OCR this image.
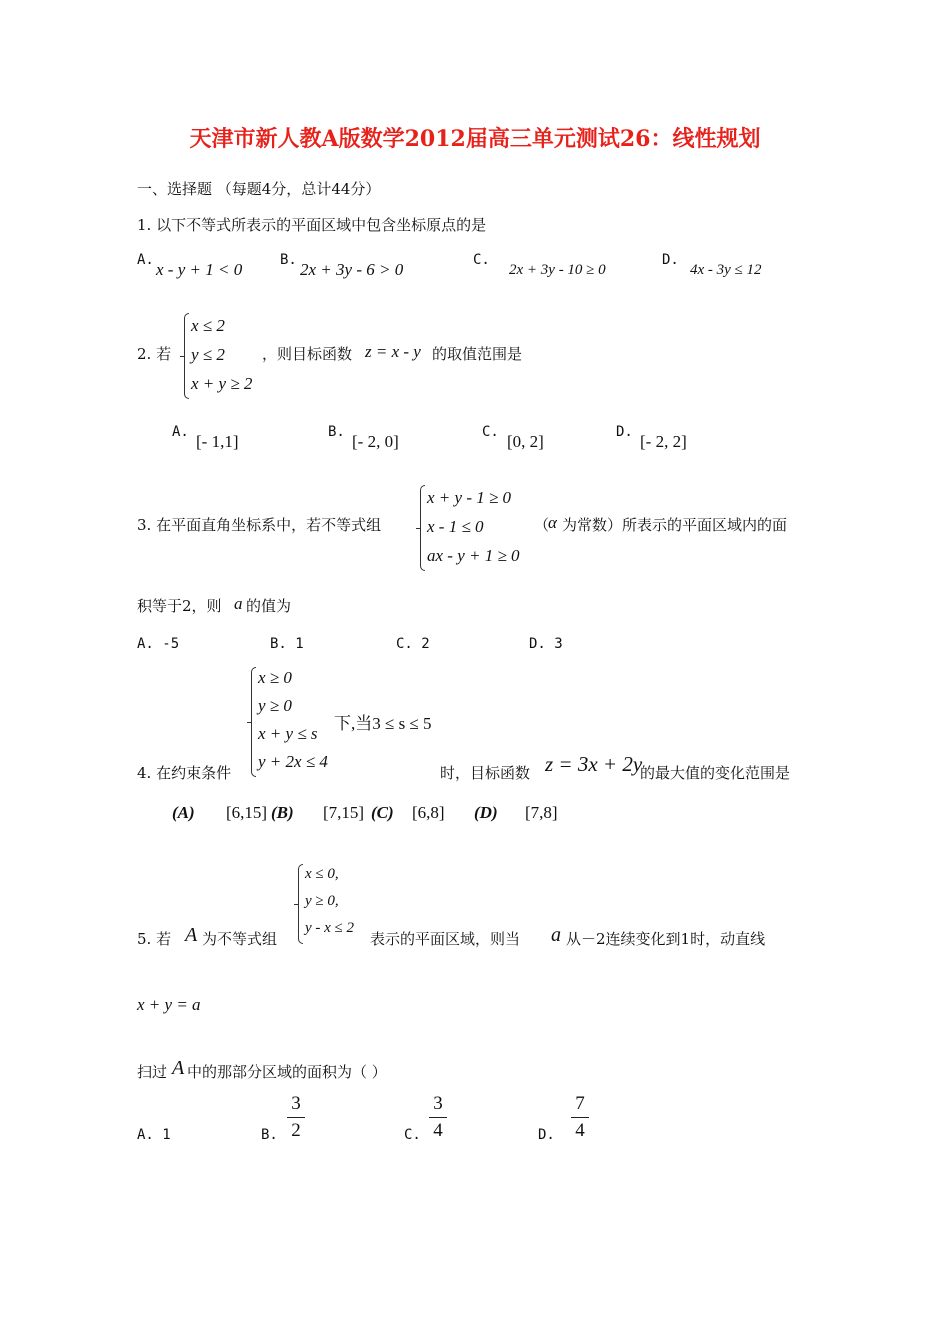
天津市新人教A版数学2012届高三单元测试26：线性规划
一、选择题 （每题4分，总计44分）
1. 以下不等式所表示的平面区域中包含坐标原点的是
A. x - y + 1 < 0	B. 2x + 3y - 6 > 0	C.
2x + 3y - 10 ≥ 0
D.
4x - 3y ≤ 12
2. 若
x ≤ 2
y ≤ 2
x + y ≥ 2
，则目标函数 z = x - y 的取值范围是
A. [- 1,1]	B. [- 2, 0]	C. [0, 2]	D. [- 2, 2]
3. 在平面直角坐标系中，若不等式组
x + y - 1 ≥ 0
x - 1 ≤ 0
ax - y + 1 ≥ 0
（
α 为常数）所表示的平面区域内的面
积等于2，则 a 的值为
A. -5	B. 1	C. 2	D. 3
x ≥ 0
y ≥ 0
x + y ≤ s
y + 2x ≤ 4
下,当3 ≤ s ≤ 5
4. 在约束条件	时，目标函数 z = 3x + 2y
的最大值的变化范围是
(A) [6,15] (B) [7,15] (C) [6,8] (D) [7,8]
x ≤ 0,
y ≥ 0,
y - x ≤ 2
5. 若 A 为不等式组	表示的平面区域，则当 a 从－2连续变化到1时，动直线
x + y = a
扫过 A 中的那部分区域的面积为（ ）
A. 1	B.
3
2	C.
3
4	D.
7
4
